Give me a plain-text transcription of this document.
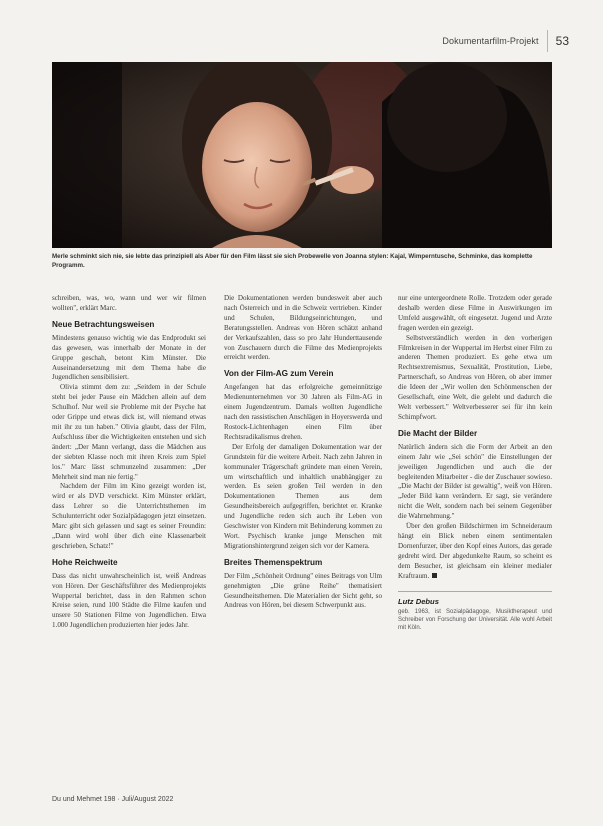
Dokumentarfilm-Projekt 53
Merle schminkt sich nie, sie lebte das prinzipiell als Aber für den Film lässt sie sich Probewelle von Joanna stylen: Kajal, Wimperntusche, Schminke, das komplette Programm.

schreiben, was, wo, wann und wer wir filmen wollten", erklärt Marc.

Neue Betrachtungsweisen

Mindestens genauso wichtig wie das Endprodukt sei das gewesen, was innerhalb der Monate in der Gruppe geschah, betont Kim Münster. Die Auseinandersetzung mit dem Thema habe die Jugendlichen sensibilisiert.

Olivia stimmt dem zu: „Seitdem in der Schule steht bei jeder Pause ein Mädchen allein auf dem Schulhof. Nur weil sie Probleme mit der Psyche hat oder Grippe und etwas dick ist, will niemand etwas mit ihr zu tun haben." Olivia glaubt, dass der Film, Aufschluss über die Wichtigkeiten entstehen und sich ändert: „Der Mann verlangt, dass die Mädchen aus der siebten Klasse noch mit ihren Kreis zum Spiel los." Marc lässt schmunzelnd zusammen: „Der Mehrheit sind man nie fertig."

Nachdem der Film im Kino gezeigt worden ist, wird er als DVD verschickt. Kim Münster erklärt, dass Lehrer so die Unterrichtsthemen im Schulunterricht oder Sozialpädagogen jetzt einsetzen. Marc gibt sich gelassen und sagt es seiner Freundin: „Dann wird wohl über dich eine Klassenarbeit geschrieben, Schatz!"

Hohe Reichweite

Dass das nicht unwahrscheinlich ist, weiß Andreas von Hören. Der Geschäftsführer des Medienprojekts Wuppertal berichtet, dass in den Rahmen schon Kreise seien, rund 100 Städte die Filme kaufen und unsere 50 Stationen Filme von Jugendlichen. Etwa 1.000 Jugendlichen produzierten hier jedes Jahr.

Die Dokumentationen werden bundesweit aber auch nach Österreich und in die Schweiz vertrieben. Kinder und Schulen, Bildungseinrichtungen, und Beratungsstellen. Andreas von Hören schätzt anhand der Verkaufszahlen, dass so pro Jahr Hunderttausende von Zuschauern durch die Filme des Medienprojekts erreicht werden.

Von der Film-AG zum Verein

Angefangen hat das erfolgreiche gemeinnützige Medienunternehmen vor 30 Jahren als Film-AG in einem Jugendzentrum. Damals wollten Jugendliche nach den rassistischen Anschlägen in Hoyerswerda und Rostock-Lichtenhagen einen Film über Rechtsradikalismus drehen.

Der Erfolg der damaligen Dokumentation war der Grundstein für die weitere Arbeit. Nach zehn Jahren in kommunaler Trägerschaft gründete man einen Verein, um wirtschaftlich und inhaltlich unabhängiger zu werden. Es seien großen Teil werden in den Dokumentationen Themen aus dem Gesundheitsbereich aufgegriffen, berichtet er. Kranke und Jugendliche reden sich auch ihr Leben von Geschwister von Kindern mit Behinderung kommen zu Wort. Psychisch kranke junge Menschen mit Migrationshintergrund zeigen sich vor der Kamera.

Breites Themenspektrum

Der Film „Schönheit Ordnung" eines Beitrags von Ulm genehmigten „Die grüne Reihe" thematisiert Gesundheitsthemen. Die Materialien der Sicht geht, so Andreas von Hören, bei diesem Schwerpunkt aus.

nur eine untergeordnete Rolle. Trotzdem oder gerade deshalb werden diese Filme in Auswirkungen im Umfeld ausgewählt, oft eingesetzt. Jugend und Arzte fragen werden ein gezeigt.

Selbstverständlich werden in den vorherigen Filmkreisen in der Wuppertal im Herbst einer Film zu anderen Themen produziert. Es gehe etwa um Rechtsextremismus, Sexualität, Prostitution, Liebe, Partnerschaft, so Andreas von Hören, ob aber immer die Ideen der „Wir wollen den Schönmenschen der Gesellschaft, eine Welt, die gelebt und dadurch die Welt verbessert." Weltverbesserer sei für ihn kein Schimpfwort.

Die Macht der Bilder

Natürlich ändern sich die Form der Arbeit an den einem Jahr wie „Sei schön" die Einstellungen der jeweiligen Jugendlichen und auch die der begleitenden Mitarbeiter - die der Zuschauer sowieso. „Die Macht der Bilder ist gewaltig", weiß von Hören. „Jeder Bild kann verändern. Er sagt, sie verändere nicht die Welt, sondern nach bei seinem Gegenüber die Wahrnehmung."

Über den großen Bildschirmen im Schneideraum hängt ein Blick neben einem sentimentalen Dornenfurzer, über den Kopf eines Autors, das gerade gedreht wird. Der abgedunkelte Raum, so scheint es dem Besucher, ist gleichsam ein kleiner medialer Kraftraum.

Lutz Debus
geb. 1963, ist Sozialpädagoge, Musiktherapeut und Schreiber von Forschung der Universität. Alle wohl Arbeit mit Köln.
Du und Mehmet 198 · Juli/August 2022
